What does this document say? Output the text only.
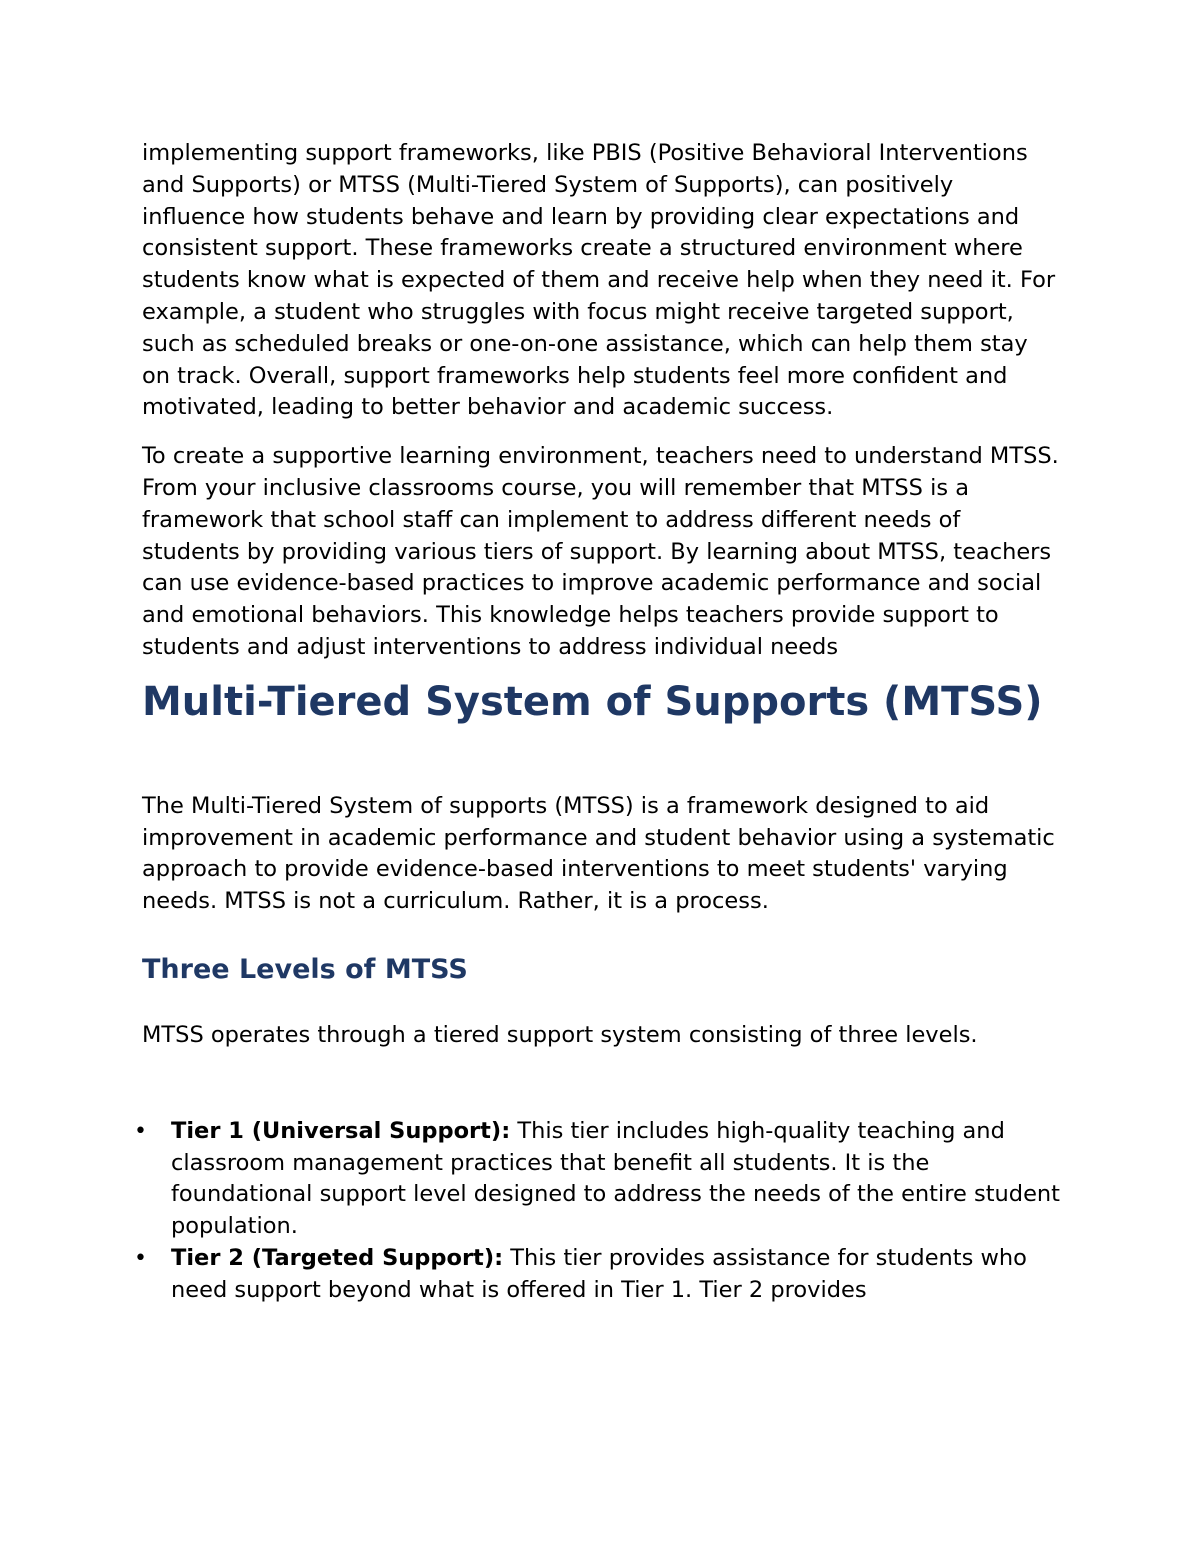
implementing support frameworks, like PBIS (Positive Behavioral Interventions and Supports) or MTSS (Multi-Tiered System of Supports), can positively influence how students behave and learn by providing clear expectations and consistent support. These frameworks create a structured environment where students know what is expected of them and receive help when they need it. For example, a student who struggles with focus might receive targeted support, such as scheduled breaks or one-on-one assistance, which can help them stay on track. Overall, support frameworks help students feel more confident and motivated, leading to better behavior and academic success.

To create a supportive learning environment, teachers need to understand MTSS. From your inclusive classrooms course, you will remember that MTSS is a framework that school staff can implement to address different needs of students by providing various tiers of support. By learning about MTSS, teachers can use evidence-based practices to improve academic performance and social and emotional behaviors. This knowledge helps teachers provide support to students and adjust interventions to address individual needs

Multi-Tiered System of Supports (MTSS)

The Multi-Tiered System of supports (MTSS) is a framework designed to aid improvement in academic performance and student behavior using a systematic approach to provide evidence-based interventions to meet students' varying needs. MTSS is not a curriculum. Rather, it is a process.

Three Levels of MTSS

MTSS operates through a tiered support system consisting of three levels.

• Tier 1 (Universal Support): This tier includes high-quality teaching and classroom management practices that benefit all students. It is the foundational support level designed to address the needs of the entire student population.
• Tier 2 (Targeted Support): This tier provides assistance for students who need support beyond what is offered in Tier 1. Tier 2 provides
